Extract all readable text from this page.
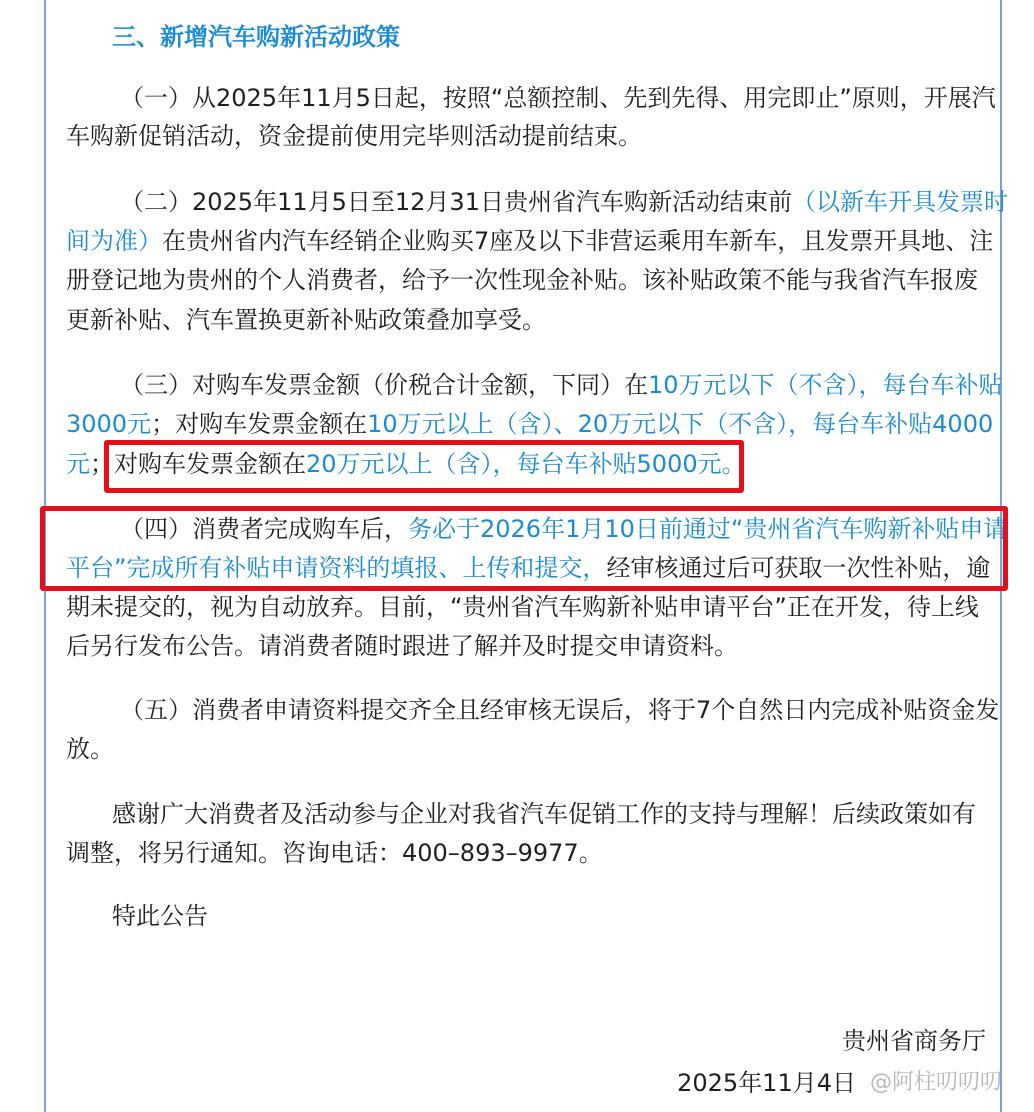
三、新增汽车购新活动政策
（一）从2025年11月5日起，按照“总额控制、先到先得、用完即止”原则，开展汽
车购新促销活动，资金提前使用完毕则活动提前结束。
（二）2025年11月5日至12月31日贵州省汽车购新活动结束前（以新车开具发票时
间为准）在贵州省内汽车经销企业购买7座及以下非营运乘用车新车，且发票开具地、注
册登记地为贵州的个人消费者，给予一次性现金补贴。该补贴政策不能与我省汽车报废
更新补贴、汽车置换更新补贴政策叠加享受。
（三）对购车发票金额（价税合计金额，下同）在10万元以下（不含），每台车补贴
3000元；对购车发票金额在10万元以上（含）、20万元以下（不含），每台车补贴4000
元；对购车发票金额在20万元以上（含），每台车补贴5000元。
（四）消费者完成购车后，务必于2026年1月10日前通过“贵州省汽车购新补贴申请
平台”完成所有补贴申请资料的填报、上传和提交，经审核通过后可获取一次性补贴，逾
期未提交的，视为自动放弃。目前，“贵州省汽车购新补贴申请平台”正在开发，待上线
后另行发布公告。请消费者随时跟进了解并及时提交申请资料。
（五）消费者申请资料提交齐全且经审核无误后，将于7个自然日内完成补贴资金发
放。
感谢广大消费者及活动参与企业对我省汽车促销工作的支持与理解！后续政策如有
调整，将另行通知。咨询电话：400–893–9977。
特此公告
贵州省商务厅
2025年11月4日 @阿柱叨叨叨
